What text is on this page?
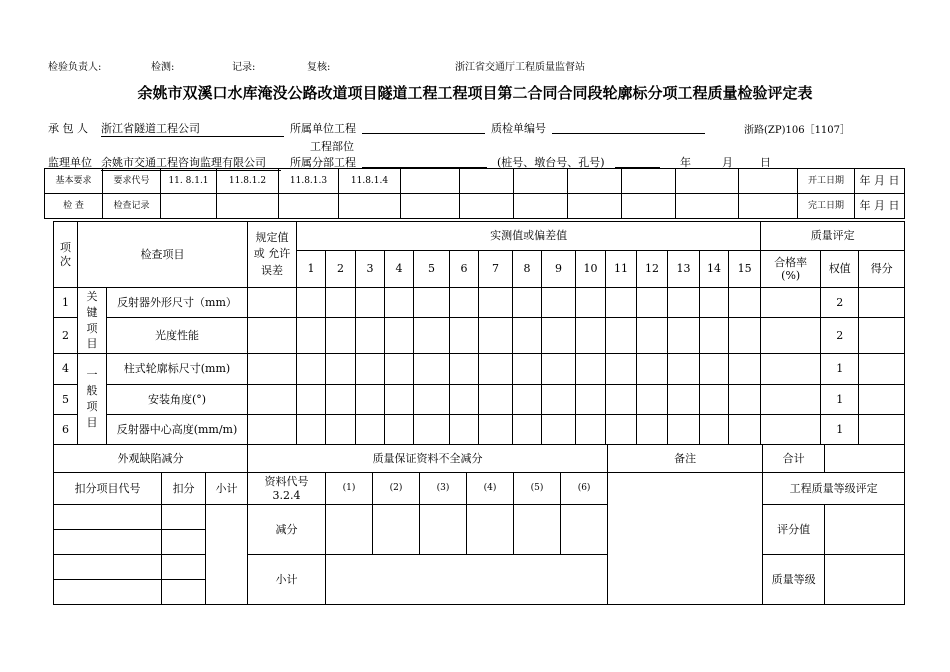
检验负责人:	检测:	记录:	复核:	浙江省交通厅工程质量监督站
余姚市双溪口水库淹没公路改道项目隧道工程工程项目第二合同合同段轮廓标分项工程质量检验评定表
承 包 人 浙江省隧道工程公司	所属单位工程	质检单编号	浙路(ZP)106［1107］
工程部位
监理单位 余姚市交通工程咨询监理有限公司	所属分部工程	(桩号、墩台号、孔号)	年	月 日
基本要求	要求代号	11. 8.1.1	11.8.1.2	11.8.1.3	11.8.1.4								开工日期	年 月 日
检 查	检查记录												完工日期	年 月 日
项次	检查项目		规定值或 允许误差	实测值或偏差值															质量评定		
				1	2	3	4	5	6	7	8	9	10	11	12	13	14	15	合格率(%)	权值	得分
1	关键项目	反射器外形尺寸（mm）																		2	
2		光度性能																		2	
4	一般项目	柱式轮廓标尺寸(mm)																		1	
5		安装角度(°)																		1	
6		反射器中心高度(mm/m)																		1	
外观缺陷减分			质量保证资料不全减分							备注	合计	
扣分项目代号	扣分	小计	资料代号 3.2.4	(1)	(2)	(3)	(4)	(5)	(6)		工程质量等级评定	
			减分								评分值	

			小计								质量等级	
